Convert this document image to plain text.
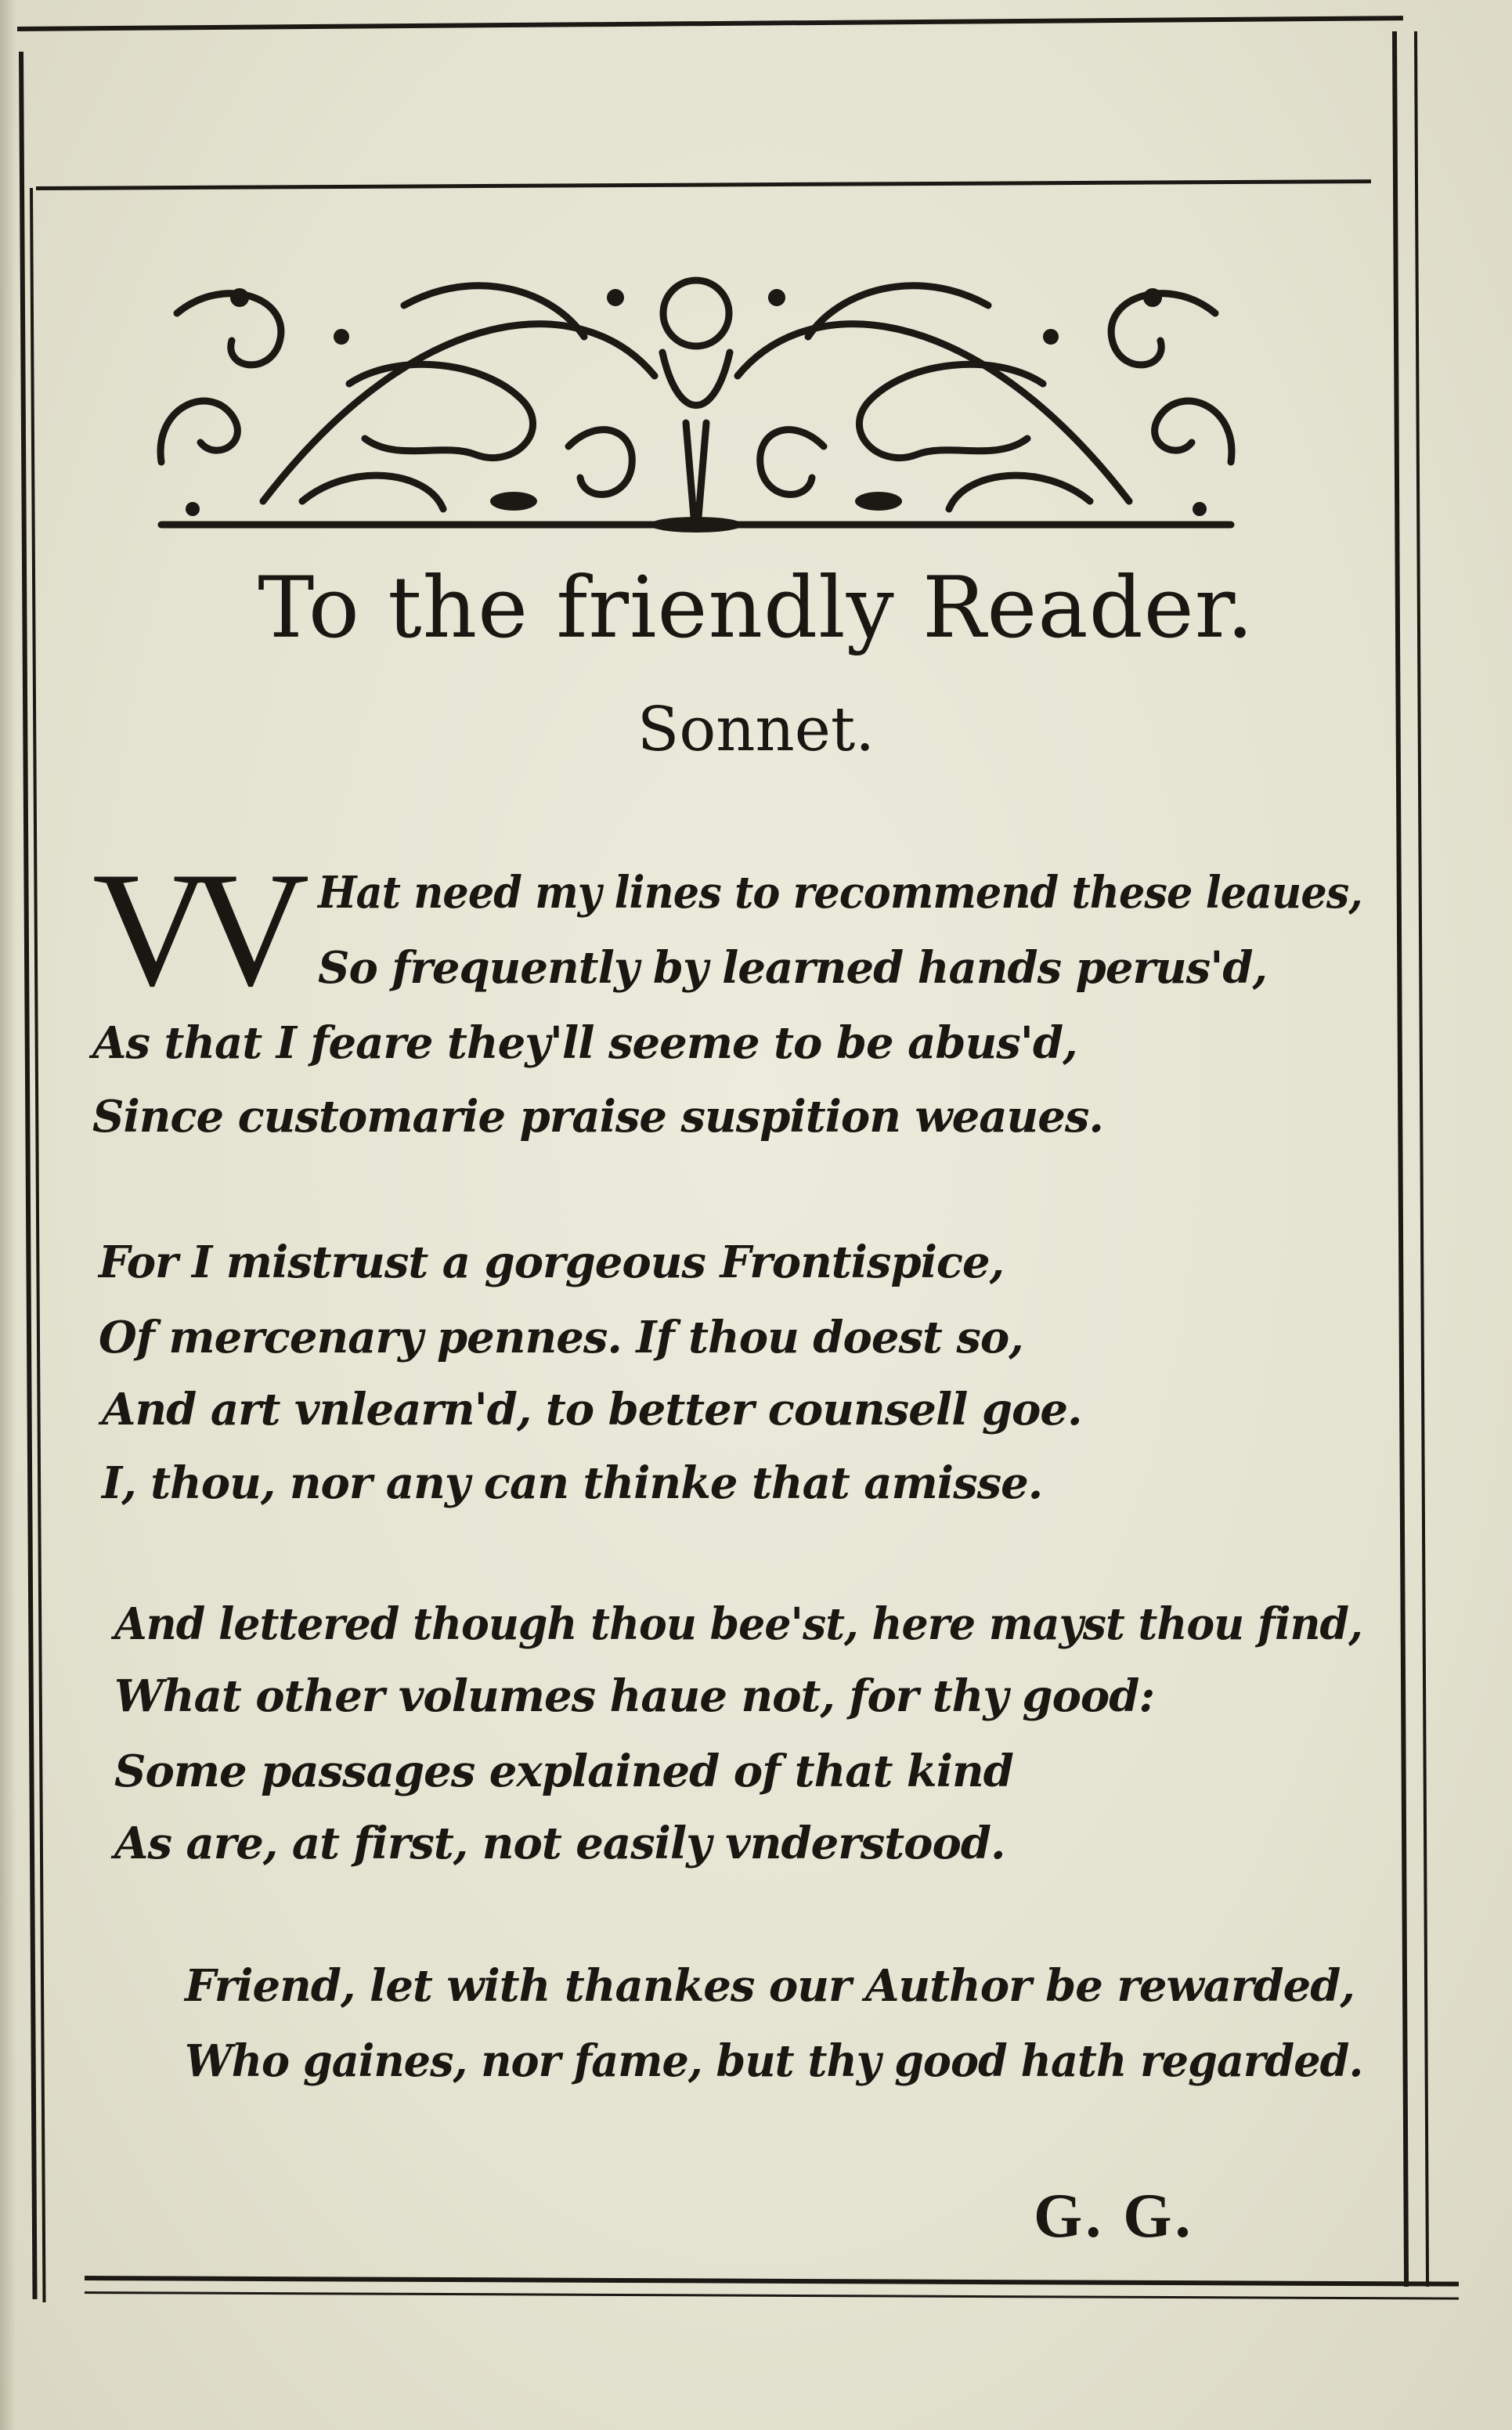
To the friendly Reader.
Sonnet.
VV Hat need my lines to recommend these leaues,
So frequently by learned hands perus'd,
As that I feare they'll seeme to be abus'd,
Since customarie praise suspition weaues.
For I mistrust a gorgeous Frontispice,
Of mercenary pennes. If thou doest so,
And art vnlearn'd, to better counsell goe.
I, thou, nor any can thinke that amisse.
And lettered though thou bee'st, here mayst thou find,
What other volumes haue not, for thy good:
Some passages explained of that kind
As are, at first, not easily vnderstood.
Friend, let with thankes our Author be rewarded,
Who gaines, nor fame, but thy good hath regarded.
G. G.
